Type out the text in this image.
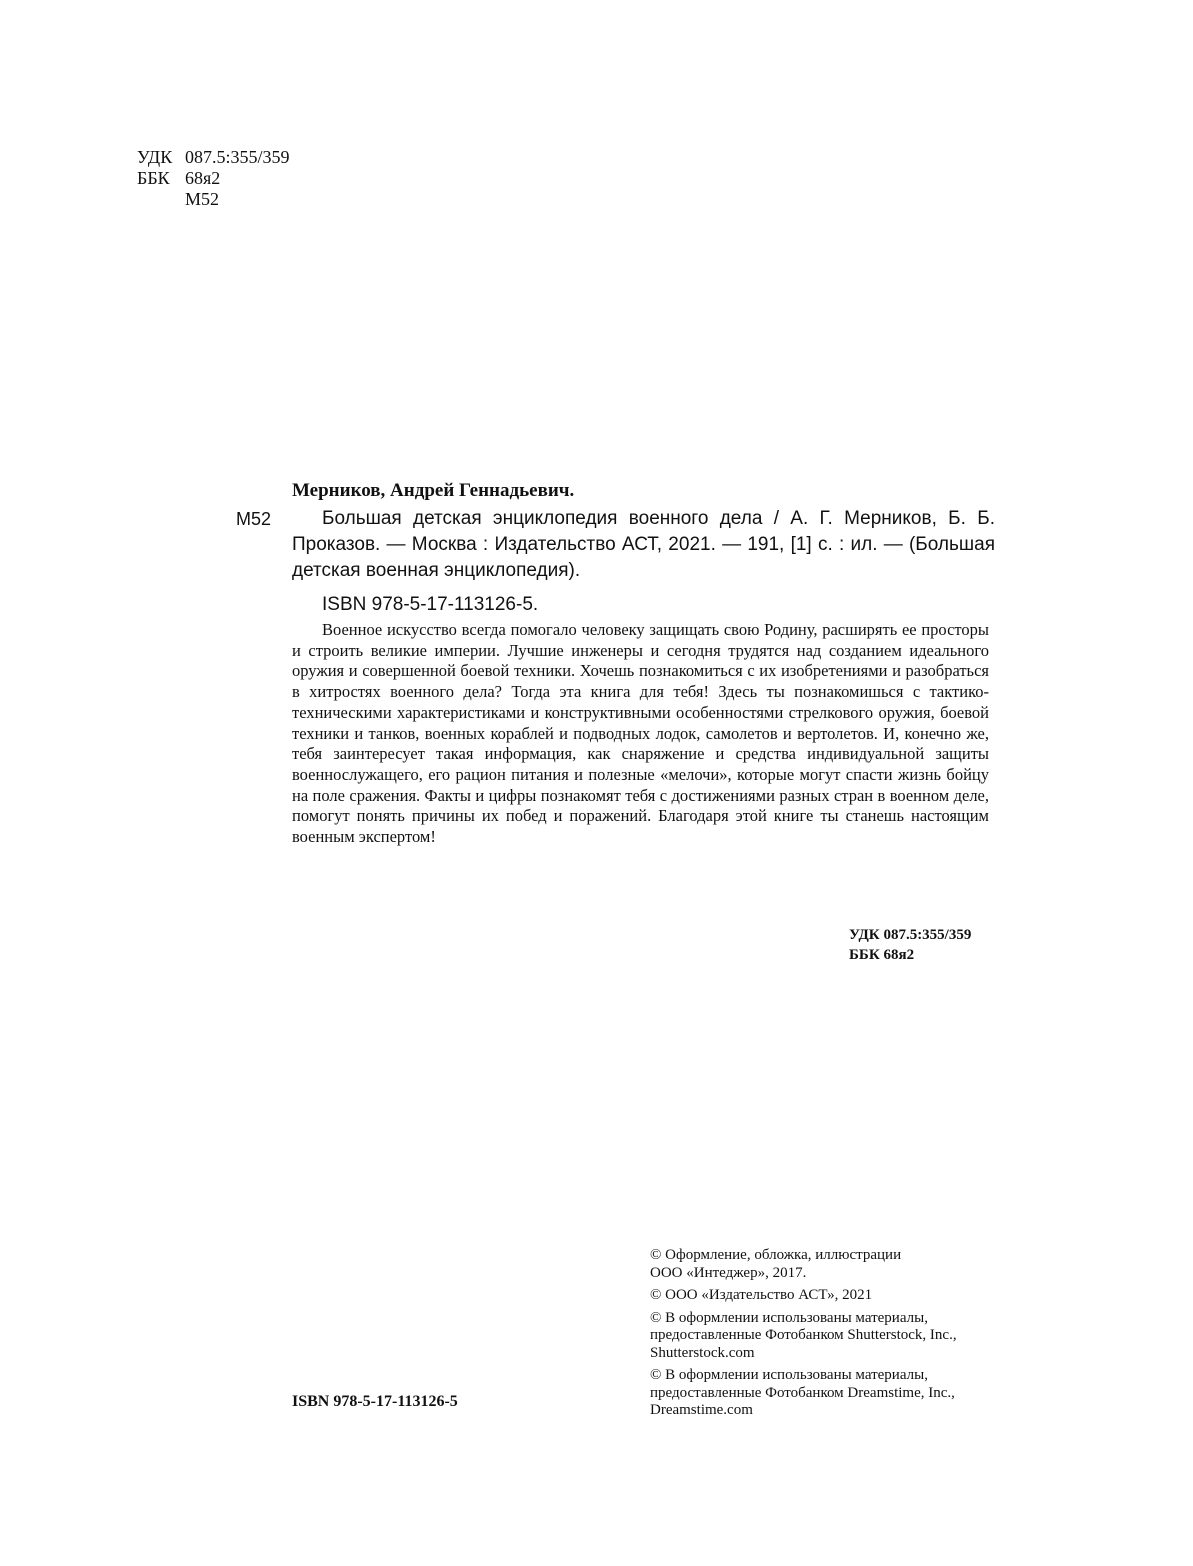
УДК 087.5:355/359
ББК 68я2
М52
Мерников, Андрей Геннадьевич.
М52	Большая детская энциклопедия военного дела / А. Г. Мерников, Б. Б. Проказов. — Москва : Издательство АСТ, 2021. — 191, [1] с. : ил. — (Большая детская военная энциклопедия).
ISBN 978-5-17-113126-5.
Военное искусство всегда помогало человеку защищать свою Родину, расширять ее просторы и строить великие империи. Лучшие инженеры и сегодня трудятся над созданием идеального оружия и совершенной боевой техники. Хочешь познакомиться с их изобретениями и разобраться в хитростях военного дела? Тогда эта книга для тебя! Здесь ты познакомишься с тактико-техническими характеристиками и конструктивными особенностями стрелкового оружия, боевой техники и танков, военных кораблей и подводных лодок, самолетов и вертолетов. И, конечно же, тебя заинтересует такая информация, как снаряжение и средства индивидуальной защиты военнослужащего, его рацион питания и полезные «мелочи», которые могут спасти жизнь бойцу на поле сражения. Факты и цифры познакомят тебя с достижениями разных стран в военном деле, помогут понять причины их побед и поражений. Благодаря этой книге ты станешь настоящим военным экспертом!
УДК 087.5:355/359
ББК 68я2
© Оформление, обложка, иллюстрации
ООО «Интеджер», 2017.
© ООО «Издательство АСТ», 2021
© В оформлении использованы материалы,
предоставленные Фотобанком Shutterstock, Inc.,
Shutterstock.com
© В оформлении использованы материалы,
предоставленные Фотобанком Dreamstime, Inc.,
Dreamstime.com
ISBN 978-5-17-113126-5
